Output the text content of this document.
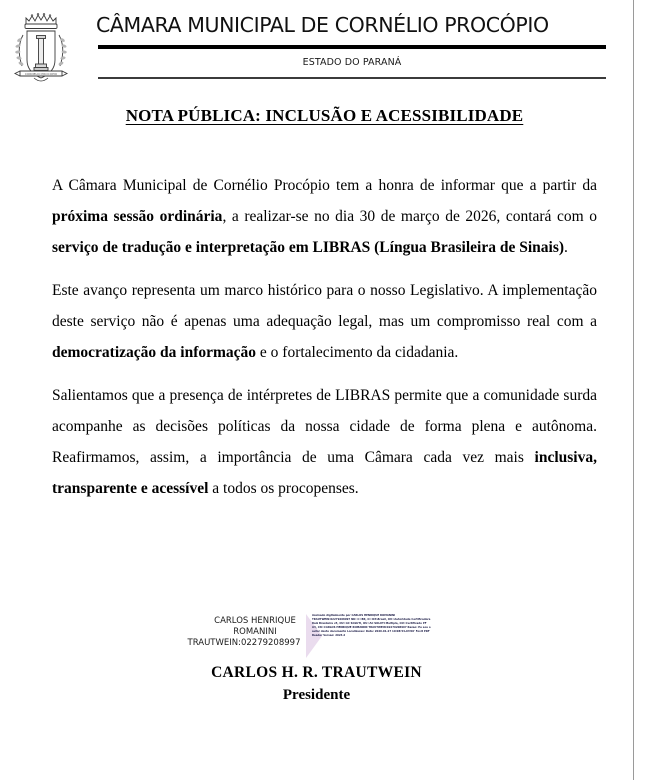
CORNELIO PROCOPIO
CÂMARA MUNICIPAL DE CORNÉLIO PROCÓPIO
ESTADO DO PARANÁ
NOTA PÚBLICA: INCLUSÃO E ACESSIBILIDADE

A Câmara Municipal de Cornélio Procópio tem a honra de informar que a partir da próxima sessão ordinária, a realizar-se no dia 30 de março de 2026, contará com o serviço de tradução e interpretação em LIBRAS (Língua Brasileira de Sinais).

Este avanço representa um marco histórico para o nosso Legislativo. A implementação deste serviço não é apenas uma adequação legal, mas um compromisso real com a democratização da informação e o fortalecimento da cidadania.

Salientamos que a presença de intérpretes de LIBRAS permite que a comunidade surda acompanhe as decisões políticas da nossa cidade de forma plena e autônoma. Reafirmamos, assim, a importância de uma Câmara cada vez mais inclusiva, transparente e acessível a todos os procopenses.

CARLOS HENRIQUE
ROMANINI
TRAUTWEIN:02279208997
Assinado digitalmente por CARLOS HENRIQUE ROMANINI TRAUTWEIN:02279208997 ND: C=BR, O=ICP-Brasil, OU=Autoridade Certificadora Raiz Brasileira v5, OU=AC SOLUTI, OU=AC SOLUTI Multipla, OU=Certificado PF A3, CN=CARLOS HENRIQUE ROMANINI TRAUTWEIN:02279208997 Razao: Eu sou o autor deste documento Localizacao: Data: 2026.01.27 10:08:54-03'00' Foxit PDF Reader Versao: 2024.2
CARLOS H. R. TRAUTWEIN
Presidente
